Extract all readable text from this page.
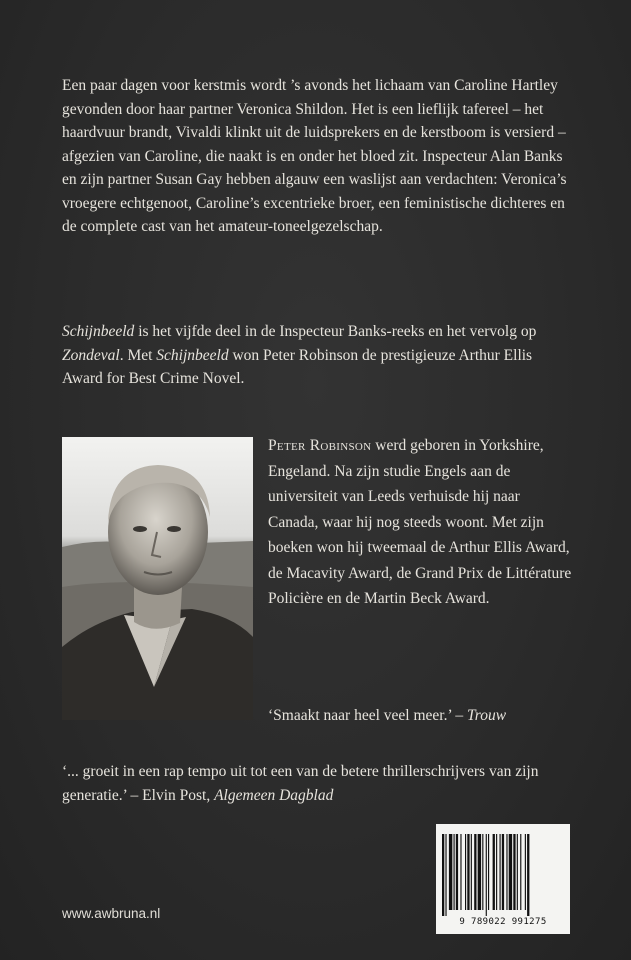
Een paar dagen voor kerstmis wordt ’s avonds het lichaam van Caroline Hartley gevonden door haar partner Veronica Shildon. Het is een lieflijk tafereel – het haardvuur brandt, Vivaldi klinkt uit de luidsprekers en de kerstboom is versierd – afgezien van Caroline, die naakt is en onder het bloed zit. Inspecteur Alan Banks en zijn partner Susan Gay hebben algauw een waslijst aan verdachten: Veronica’s vroegere echtgenoot, Caroline’s excentrieke broer, een feministische dichteres en de complete cast van het amateur-toneelgezelschap.

Schijnbeeld is het vijfde deel in de Inspecteur Banks-reeks en het vervolg op Zondeval. Met Schijnbeeld won Peter Robinson de prestigieuze Arthur Ellis Award for Best Crime Novel.

Peter Robinson werd geboren in Yorkshire, Engeland. Na zijn studie Engels aan de universiteit van Leeds verhuisde hij naar Canada, waar hij nog steeds woont. Met zijn boeken won hij tweemaal de Arthur Ellis Award, de Macavity Award, de Grand Prix de Littérature Policière en de Martin Beck Award.

‘Smaakt naar heel veel meer.’ – Trouw

‘... groeit in een rap tempo uit tot een van de betere thrillerschrijvers van zijn generatie.’ – Elvin Post, Algemeen Dagblad

www.awbruna.nl

9 789022 991275
